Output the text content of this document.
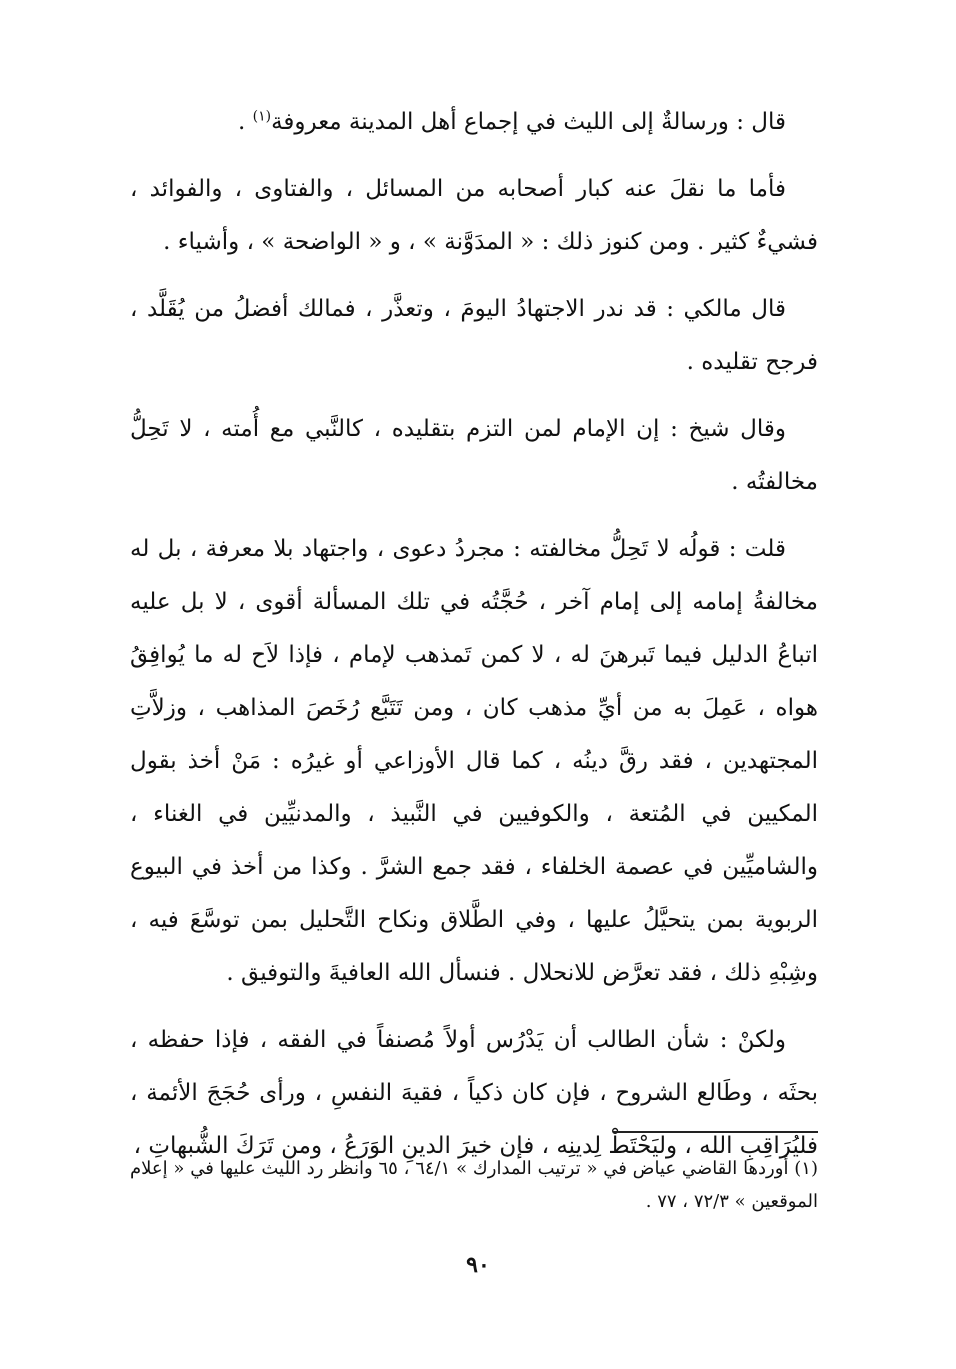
قال : ورسالةٌ إلى الليث في إجماع أهل المدينة معروفة$^{(١)}$ .

فأما ما نقلَ عنه كبار أصحابه من المسائل ، والفتاوى ، والفوائد ، فشيءٌ كثير . ومن كنوز ذلك : « المدَوَّنة » ، و « الواضحة » ، وأشياء .

قال مالكي : قد ندر الاجتهادُ اليومَ ، وتعذَّر ، فمالك أفضلُ من يُقَلَّد ، فرجح تقليده .

وقال شيخ : إن الإمام لمن التزم بتقليده ، كالنَّبي مع أُمته ، لا تَحِلُّ مخالفتُه .

قلت : قولُه لا تَحِلُّ مخالفته : مجردُ دعوى ، واجتهاد بلا معرفة ، بل له مخالفةُ إمامه إلى إمام آخر ، حُجَّتُه في تلك المسألة أقوى ، لا بل عليه اتباعُ الدليل فيما تَبرهنَ له ، لا كمن تَمذهب لإمام ، فإذا لاَح له ما يُوافِقُ هواه ، عَمِلَ به من أيِّ مذهب كان ، ومن تَتَبَّع رُخَصَ المذاهب ، وزلاَّتِ المجتهدين ، فقد رقَّ دينُه ، كما قال الأوزاعي أو غيرُه : مَنْ أخذ بقول المكيين في المُتعة ، والكوفيين في النَّبيذ ، والمدنيِّين في الغناء ، والشاميِّين في عصمة الخلفاء ، فقد جمع الشرَّ . وكذا من أخذ في البيوع الربوية بمن يتحيَّلُ عليها ، وفي الطَّلاق ونكاح التَّحليل بمن توسَّعَ فيه ، وشِبْهِ ذلك ، فقد تعرَّض للانحلال . فنسأل الله العافيةَ والتوفيق .

ولكنْ : شأن الطالب أن يَدْرُس أولاً مُصنفاً في الفقه ، فإذا حفظه ، بحثَه ، وطَالع الشروح ، فإن كان ذكياً ، فقيهَ النفسِ ، ورأى حُجَجَ الأئمة ، فليُرَاقِبِ الله ، وليَحْتَطْ لِدينِه ، فإن خيرَ الدينِ الوَرَعُ ، ومن تَرَكَ الشُّبهاتِ ،

(١) أوردها القاضي عياض في « ترتيب المدارك » ٦٤/١ ، ٦٥ وانظر رد الليث عليها في « إعلام الموقعين » ٧٢/٣ ، ٧٧ .

٩٠
